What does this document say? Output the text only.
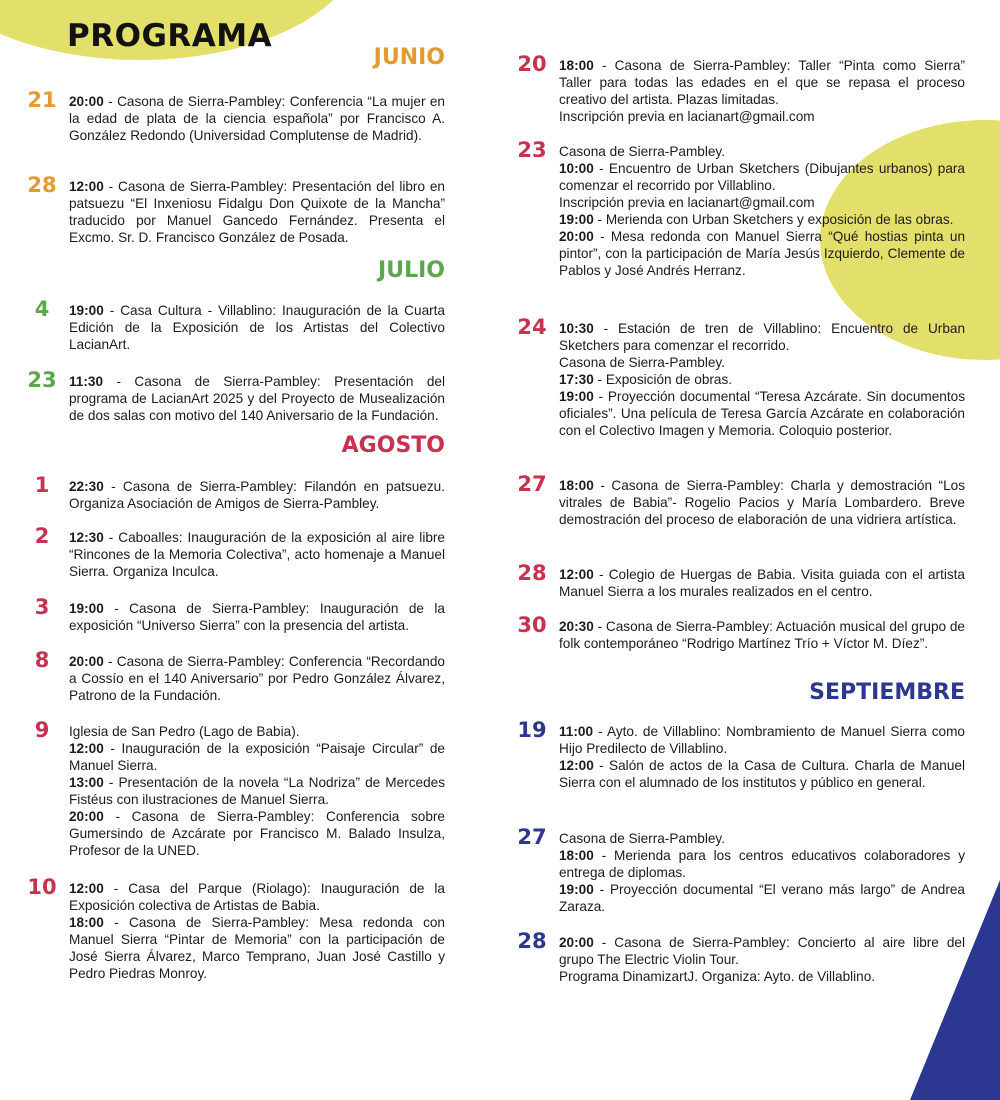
PROGRAMA
JUNIO
JULIO
AGOSTO
SEPTIEMBRE
21 20:00 - Casona de Sierra-Pambley: Conferencia “La mujer en la edad de plata de la ciencia española” por Francisco A. González Redondo (Universidad Complutense de Madrid).
28 12:00 - Casona de Sierra-Pambley: Presentación del libro en patsuezu “El Inxeniosu Fidalgu Don Quixote de la Mancha” traducido por Manuel Gancedo Fernández. Presenta el Excmo. Sr. D. Francisco González de Posada.
4	19:00 - Casa Cultura - Villablino: Inauguración de la Cuarta Edición de la Exposición de los Artistas del Colectivo LacianArt.
23 11:30 - Casona de Sierra-Pambley: Presentación del programa de LacianArt 2025 y del Proyecto de Musealización de dos salas con motivo del 140 Aniversario de la Fundación.
1	22:30 - Casona de Sierra-Pambley: Filandón en patsuezu. Organiza Asociación de Amigos de Sierra-Pambley.
2	12:30 - Caboalles: Inauguración de la exposición al aire libre “Rincones de la Memoria Colectiva”, acto homenaje a Manuel Sierra. Organiza Inculca.
3	19:00 - Casona de Sierra-Pambley: Inauguración de la exposición “Universo Sierra” con la presencia del artista.
8	20:00 - Casona de Sierra-Pambley: Conferencia “Recordando a Cossío en el 140 Aniversario” por Pedro González Álvarez, Patrono de la Fundación.
9	Iglesia de San Pedro (Lago de Babia).
12:00 - Inauguración de la exposición “Paisaje Circular” de Manuel Sierra.
13:00 - Presentación de la novela “La Nodriza” de Mercedes Fistéus con ilustraciones de Manuel Sierra.
20:00 - Casona de Sierra-Pambley: Conferencia sobre Gumersindo de Azcárate por Francisco M. Balado Insulza, Profesor de la UNED.
10 12:00 - Casa del Parque (Riolago): Inauguración de la Exposición colectiva de Artistas de Babia.
18:00 - Casona de Sierra-Pambley: Mesa redonda con Manuel Sierra “Pintar de Memoria” con la participación de José Sierra Álvarez, Marco Temprano, Juan José Castillo y Pedro Piedras Monroy.
20 18:00 - Casona de Sierra-Pambley: Taller “Pinta como Sierra” Taller para todas las edades en el que se repasa el proceso creativo del artista. Plazas limitadas.
Inscripción previa en lacianart@gmail.com
23 Casona de Sierra-Pambley.
10:00 - Encuentro de Urban Sketchers (Dibujantes urbanos) para comenzar el recorrido por Villablino.
Inscripción previa en lacianart@gmail.com
19:00 - Merienda con Urban Sketchers y exposición de las obras.
20:00 - Mesa redonda con Manuel Sierra “Qué hostias pinta un pintor”, con la participación de María Jesús Izquierdo, Clemente de Pablos y José Andrés Herranz.
24 10:30 - Estación de tren de Villablino: Encuentro de Urban Sketchers para comenzar el recorrido.
Casona de Sierra-Pambley.
17:30 - Exposición de obras.
19:00 - Proyección documental “Teresa Azcárate. Sin documentos oficiales”. Una película de Teresa García Azcárate en colaboración con el Colectivo Imagen y Memoria. Coloquio posterior.
27 18:00 - Casona de Sierra-Pambley: Charla y demostración “Los vitrales de Babia”- Rogelio Pacios y María Lombardero. Breve demostración del proceso de elaboración de una vidriera artística.
28 12:00 - Colegio de Huergas de Babia. Visita guiada con el artista Manuel Sierra a los murales realizados en el centro.
30 20:30 - Casona de Sierra-Pambley: Actuación musical del grupo de folk contemporáneo “Rodrigo Martínez Trío + Víctor M. Díez”.
19 11:00 - Ayto. de Villablino: Nombramiento de Manuel Sierra como Hijo Predilecto de Villablino.
12:00 - Salón de actos de la Casa de Cultura. Charla de Manuel Sierra con el alumnado de los institutos y público en general.
27 Casona de Sierra-Pambley.
18:00 - Merienda para los centros educativos colaboradores y entrega de diplomas.
19:00 - Proyección documental “El verano más largo” de Andrea Zaraza.
28 20:00 - Casona de Sierra-Pambley: Concierto al aire libre del grupo The Electric Violin Tour.
Programa DinamizartJ. Organiza: Ayto. de Villablino.
